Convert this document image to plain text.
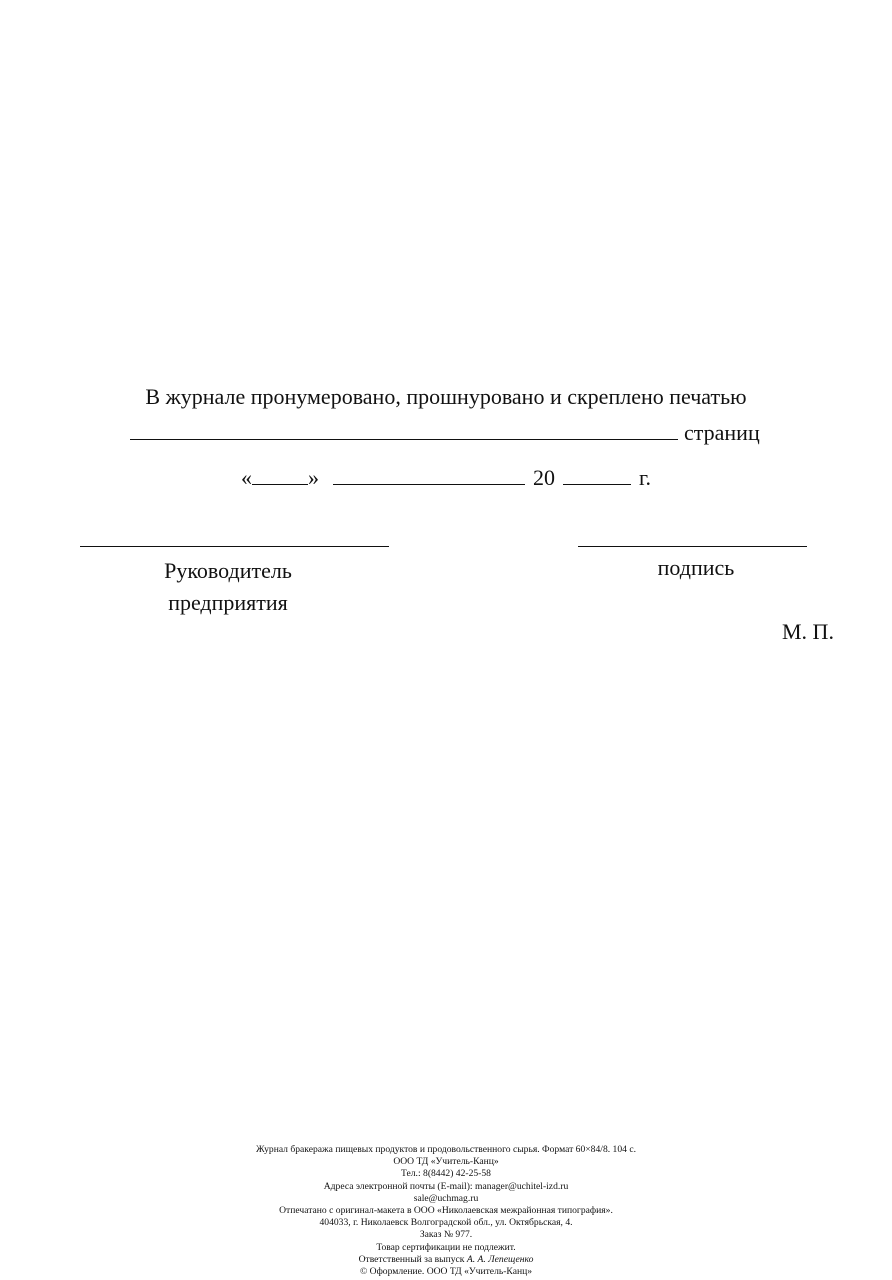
В журнале пронумеровано, прошнуровано и скреплено печатью
страниц
«	»	20	г.
Руководитель предприятия
подпись
М. П.
Журнал бракеража пищевых продуктов и продовольственного сырья. Формат 60×84/8. 104 с.
ООО ТД «Учитель-Канц»
Тел.: 8(8442) 42-25-58
Адреса электронной почты (E-mail): manager@uchitel-izd.ru
sale@uchmag.ru
Отпечатано с оригинал-макета в ООО «Николаевская межрайонная типография».
404033, г. Николаевск Волгоградской обл., ул. Октябрьская, 4.
Заказ № 977.
Товар сертификации не подлежит.
Ответственный за выпуск А. А. Лепещенко
© Оформление. ООО ТД «Учитель-Канц»
